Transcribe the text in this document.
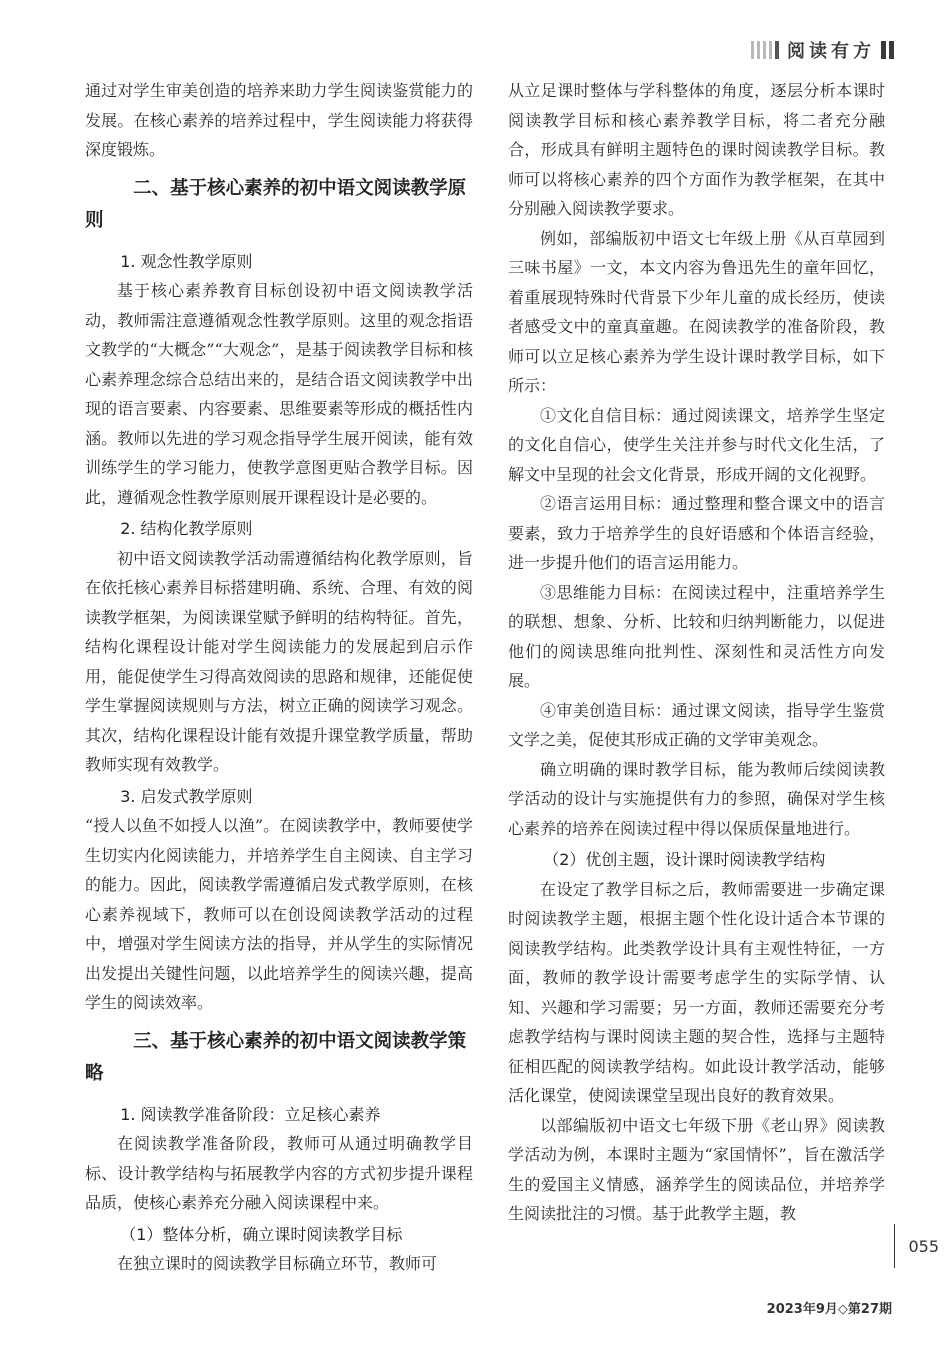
阅读有方

通过对学生审美创造的培养来助力学生阅读鉴赏能力的发展。在核心素养的培养过程中，学生阅读能力将获得深度锻炼。

二、基于核心素养的初中语文阅读教学原则
1. 观念性教学原则

基于核心素养教育目标创设初中语文阅读教学活动，教师需注意遵循观念性教学原则。这里的观念指语文教学的“大概念”“大观念”，是基于阅读教学目标和核心素养理念综合总结出来的，是结合语文阅读教学中出现的语言要素、内容要素、思维要素等形成的概括性内涵。教师以先进的学习观念指导学生展开阅读，能有效训练学生的学习能力，使教学意图更贴合教学目标。因此，遵循观念性教学原则展开课程设计是必要的。

2. 结构化教学原则

初中语文阅读教学活动需遵循结构化教学原则，旨在依托核心素养目标搭建明确、系统、合理、有效的阅读教学框架，为阅读课堂赋予鲜明的结构特征。首先，结构化课程设计能对学生阅读能力的发展起到启示作用，能促使学生习得高效阅读的思路和规律，还能促使学生掌握阅读规则与方法，树立正确的阅读学习观念。其次，结构化课程设计能有效提升课堂教学质量，帮助教师实现有效教学。

3. 启发式教学原则

“授人以鱼不如授人以渔”。在阅读教学中，教师要使学生切实内化阅读能力，并培养学生自主阅读、自主学习的能力。因此，阅读教学需遵循启发式教学原则，在核心素养视域下，教师可以在创设阅读教学活动的过程中，增强对学生阅读方法的指导，并从学生的实际情况出发提出关键性问题，以此培养学生的阅读兴趣，提高学生的阅读效率。

三、基于核心素养的初中语文阅读教学策略
1. 阅读教学准备阶段：立足核心素养

在阅读教学准备阶段，教师可从通过明确教学目标、设计教学结构与拓展教学内容的方式初步提升课程品质，使核心素养充分融入阅读课程中来。

（1）整体分析，确立课时阅读教学目标

在独立课时的阅读教学目标确立环节，教师可

从立足课时整体与学科整体的角度，逐层分析本课时阅读教学目标和核心素养教学目标，将二者充分融合，形成具有鲜明主题特色的课时阅读教学目标。教师可以将核心素养的四个方面作为教学框架，在其中分别融入阅读教学要求。

例如，部编版初中语文七年级上册《从百草园到三味书屋》一文，本文内容为鲁迅先生的童年回忆，着重展现特殊时代背景下少年儿童的成长经历，使读者感受文中的童真童趣。在阅读教学的准备阶段，教师可以立足核心素养为学生设计课时教学目标，如下所示：

①文化自信目标：通过阅读课文，培养学生坚定的文化自信心，使学生关注并参与时代文化生活，了解文中呈现的社会文化背景，形成开阔的文化视野。

②语言运用目标：通过整理和整合课文中的语言要素，致力于培养学生的良好语感和个体语言经验，进一步提升他们的语言运用能力。

③思维能力目标：在阅读过程中，注重培养学生的联想、想象、分析、比较和归纳判断能力，以促进他们的阅读思维向批判性、深刻性和灵活性方向发展。

④审美创造目标：通过课文阅读，指导学生鉴赏文学之美，促使其形成正确的文学审美观念。

确立明确的课时教学目标，能为教师后续阅读教学活动的设计与实施提供有力的参照，确保对学生核心素养的培养在阅读过程中得以保质保量地进行。

（2）优创主题，设计课时阅读教学结构

在设定了教学目标之后，教师需要进一步确定课时阅读教学主题，根据主题个性化设计适合本节课的阅读教学结构。此类教学设计具有主观性特征，一方面，教师的教学设计需要考虑学生的实际学情、认知、兴趣和学习需要；另一方面，教师还需要充分考虑教学结构与课时阅读主题的契合性，选择与主题特征相匹配的阅读教学结构。如此设计教学活动，能够活化课堂，使阅读课堂呈现出良好的教育效果。

以部编版初中语文七年级下册《老山界》阅读教学活动为例，本课时主题为“家国情怀”，旨在激活学生的爱国主义情感，涵养学生的阅读品位，并培养学生阅读批注的习惯。基于此教学主题，教

055
2023年9月◇第27期
